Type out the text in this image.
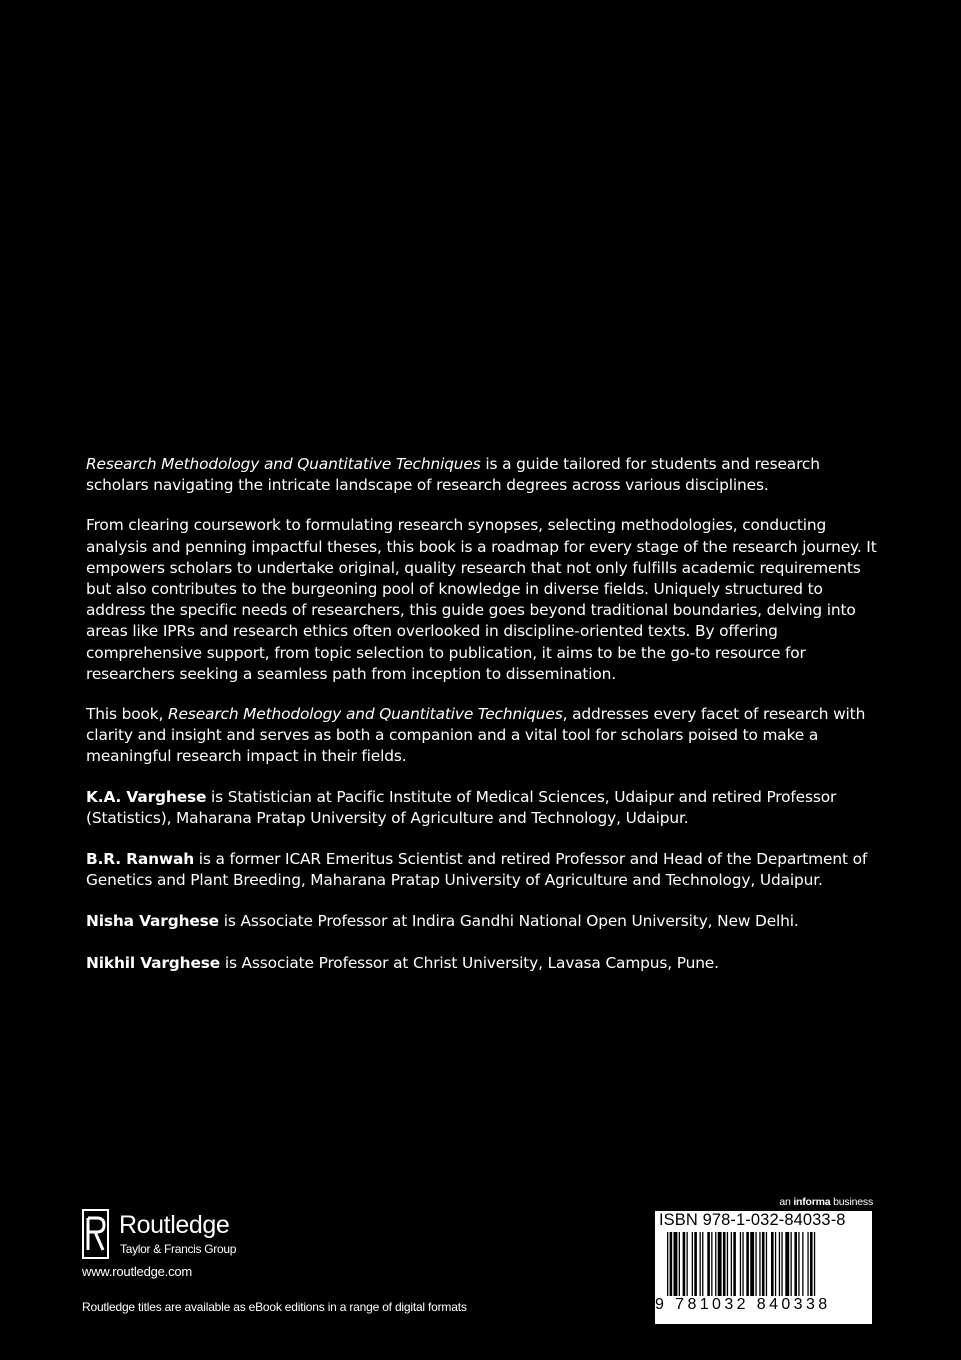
Research Methodology and Quantitative Techniques is a guide tailored for students and research scholars navigating the intricate landscape of research degrees across various disciplines.

From clearing coursework to formulating research synopses, selecting methodologies, conducting analysis and penning impactful theses, this book is a roadmap for every stage of the research journey. It empowers scholars to undertake original, quality research that not only fulfills academic requirements but also contributes to the burgeoning pool of knowledge in diverse fields. Uniquely structured to address the specific needs of researchers, this guide goes beyond traditional boundaries, delving into areas like IPRs and research ethics often overlooked in discipline-oriented texts. By offering comprehensive support, from topic selection to publication, it aims to be the go-to resource for researchers seeking a seamless path from inception to dissemination.

This book, Research Methodology and Quantitative Techniques, addresses every facet of research with clarity and insight and serves as both a companion and a vital tool for scholars poised to make a meaningful research impact in their fields.

K.A. Varghese is Statistician at Pacific Institute of Medical Sciences, Udaipur and retired Professor (Statistics), Maharana Pratap University of Agriculture and Technology, Udaipur.

B.R. Ranwah is a former ICAR Emeritus Scientist and retired Professor and Head of the Department of Genetics and Plant Breeding, Maharana Pratap University of Agriculture and Technology, Udaipur.

Nisha Varghese is Associate Professor at Indira Gandhi National Open University, New Delhi.

Nikhil Varghese is Associate Professor at Christ University, Lavasa Campus, Pune.

Routledge
Taylor & Francis Group
www.routledge.com
Routledge titles are available as eBook editions in a range of digital formats
an informa business
ISBN 978-1-032-84033-8
9 781032 840338
